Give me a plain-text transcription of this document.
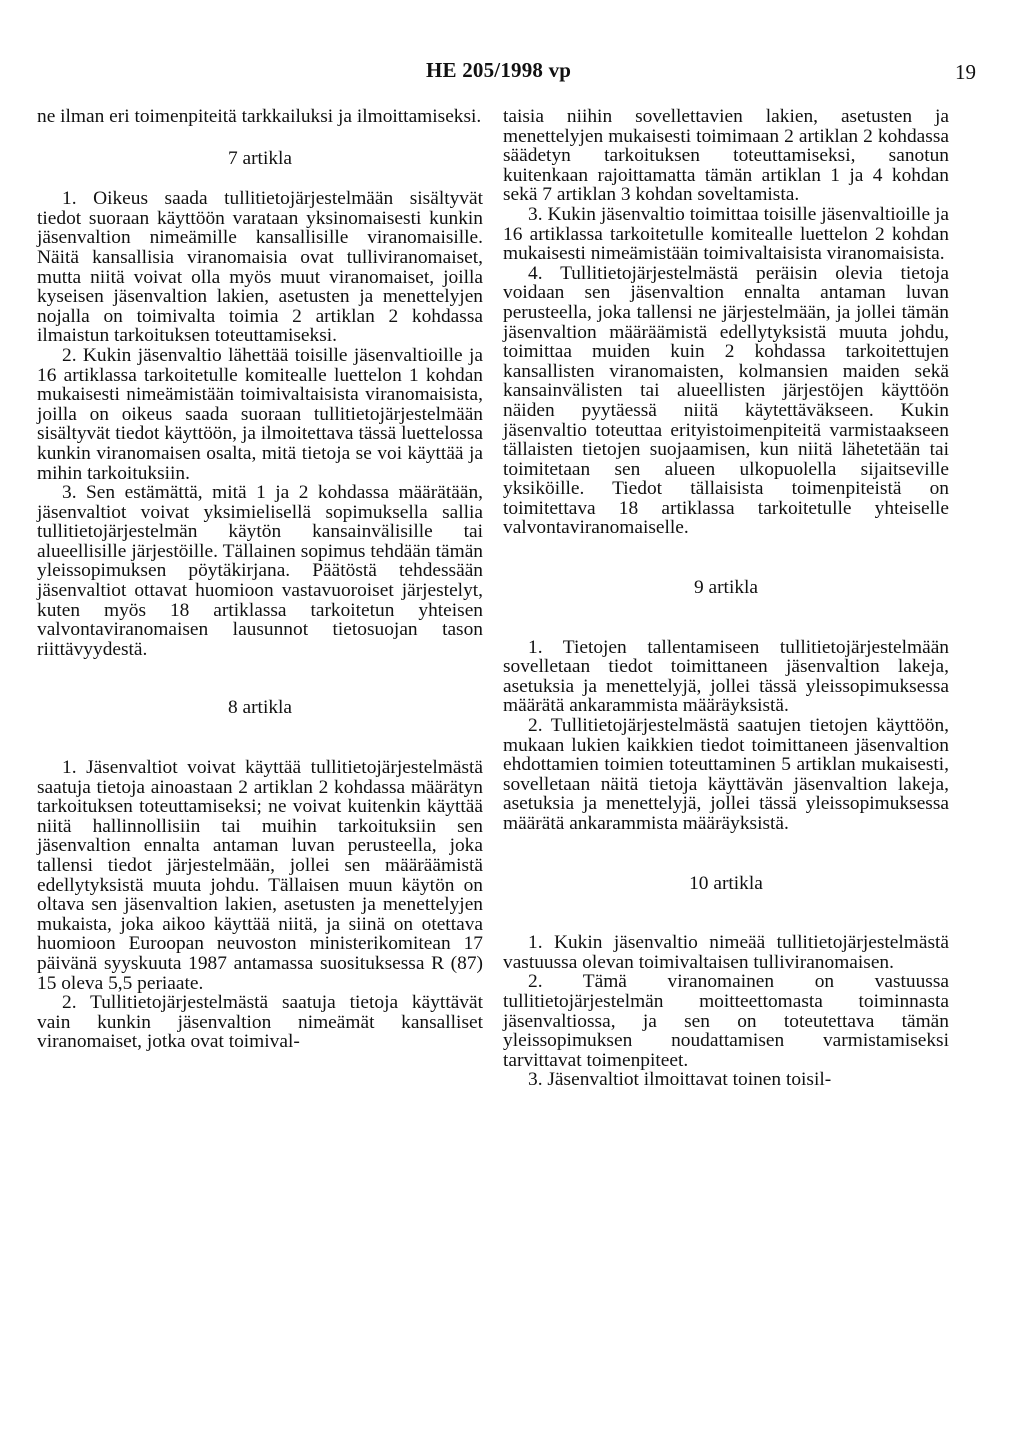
HE 205/1998 vp	19

ne ilman eri toimenpiteitä tarkkailuksi ja ilmoittamiseksi.

7 artikla

1. Oikeus saada tullitietojärjestelmään sisältyvät tiedot suoraan käyttöön varataan yksinomaisesti kunkin jäsenvaltion nimeämille kansallisille viranomaisille. Näitä kansallisia viranomaisia ovat tulliviranomaiset, mutta niitä voivat olla myös muut viranomaiset, joilla kyseisen jäsenvaltion lakien, asetusten ja menettelyjen nojalla on toimivalta toimia 2 artiklan 2 kohdassa ilmaistun tarkoituksen toteuttamiseksi.

2. Kukin jäsenvaltio lähettää toisille jäsenvaltioille ja 16 artiklassa tarkoitetulle komitealle luettelon 1 kohdan mukaisesti nimeämistään toimivaltaisista viranomaisista, joilla on oikeus saada suoraan tullitietojärjestelmään sisältyvät tiedot käyttöön, ja ilmoitettava tässä luettelossa kunkin viranomaisen osalta, mitä tietoja se voi käyttää ja mihin tarkoituksiin.

3. Sen estämättä, mitä 1 ja 2 kohdassa määrätään, jäsenvaltiot voivat yksimielisellä sopimuksella sallia tullitietojärjestelmän käytön kansainvälisille tai alueellisille järjestöille. Tällainen sopimus tehdään tämän yleissopimuksen pöytäkirjana. Päätöstä tehdessään jäsenvaltiot ottavat huomioon vastavuoroiset järjestelyt, kuten myös 18 artiklassa tarkoitetun yhteisen valvontaviranomaisen lausunnot tietosuojan tason riittävyydestä.

8 artikla

1. Jäsenvaltiot voivat käyttää tullitietojärjestelmästä saatuja tietoja ainoastaan 2 artiklan 2 kohdassa määrätyn tarkoituksen toteuttamiseksi; ne voivat kuitenkin käyttää niitä hallinnollisiin tai muihin tarkoituksiin sen jäsenvaltion ennalta antaman luvan perusteella, joka tallensi tiedot järjestelmään, jollei sen määräämistä edellytyksistä muuta johdu. Tällaisen muun käytön on oltava sen jäsenvaltion lakien, asetusten ja menettelyjen mukaista, joka aikoo käyttää niitä, ja siinä on otettava huomioon Euroopan neuvoston ministerikomitean 17 päivänä syyskuuta 1987 antamassa suosituksessa R (87) 15 oleva 5,5 periaate.

2. Tullitietojärjestelmästä saatuja tietoja käyttävät vain kunkin jäsenvaltion nimeämät kansalliset viranomaiset, jotka ovat toimival-

taisia niihin sovellettavien lakien, asetusten ja menettelyjen mukaisesti toimimaan 2 artiklan 2 kohdassa säädetyn tarkoituksen toteuttamiseksi, sanotun kuitenkaan rajoittamatta tämän artiklan 1 ja 4 kohdan sekä 7 artiklan 3 kohdan soveltamista.

3. Kukin jäsenvaltio toimittaa toisille jäsenvaltioille ja 16 artiklassa tarkoitetulle komitealle luettelon 2 kohdan mukaisesti nimeämistään toimivaltaisista viranomaisista.

4. Tullitietojärjestelmästä peräisin olevia tietoja voidaan sen jäsenvaltion ennalta antaman luvan perusteella, joka tallensi ne järjestelmään, ja jollei tämän jäsenvaltion määräämistä edellytyksistä muuta johdu, toimittaa muiden kuin 2 kohdassa tarkoitettujen kansallisten viranomaisten, kolmansien maiden sekä kansainvälisten tai alueellisten järjestöjen käyttöön näiden pyytäessä niitä käytettäväkseen. Kukin jäsenvaltio toteuttaa erityistoimenpiteitä varmistaakseen tällaisten tietojen suojaamisen, kun niitä lähetetään tai toimitetaan sen alueen ulkopuolella sijaitseville yksiköille. Tiedot tällaisista toimenpiteistä on toimitettava 18 artiklassa tarkoitetulle yhteiselle valvontaviranomaiselle.

9 artikla

1. Tietojen tallentamiseen tullitietojärjestelmään sovelletaan tiedot toimittaneen jäsenvaltion lakeja, asetuksia ja menettelyjä, jollei tässä yleissopimuksessa määrätä ankarammista määräyksistä.

2. Tullitietojärjestelmästä saatujen tietojen käyttöön, mukaan lukien kaikkien tiedot toimittaneen jäsenvaltion ehdottamien toimien toteuttaminen 5 artiklan mukaisesti, sovelletaan näitä tietoja käyttävän jäsenvaltion lakeja, asetuksia ja menettelyjä, jollei tässä yleissopimuksessa määrätä ankarammista määräyksistä.

10 artikla

1. Kukin jäsenvaltio nimeää tullitietojärjestelmästä vastuussa olevan toimivaltaisen tulliviranomaisen.

2. Tämä viranomainen on vastuussa tullitietojärjestelmän moitteettomasta toiminnasta jäsenvaltiossa, ja sen on toteutettava tämän yleissopimuksen noudattamisen varmistamiseksi tarvittavat toimenpiteet.

3. Jäsenvaltiot ilmoittavat toinen toisil-
